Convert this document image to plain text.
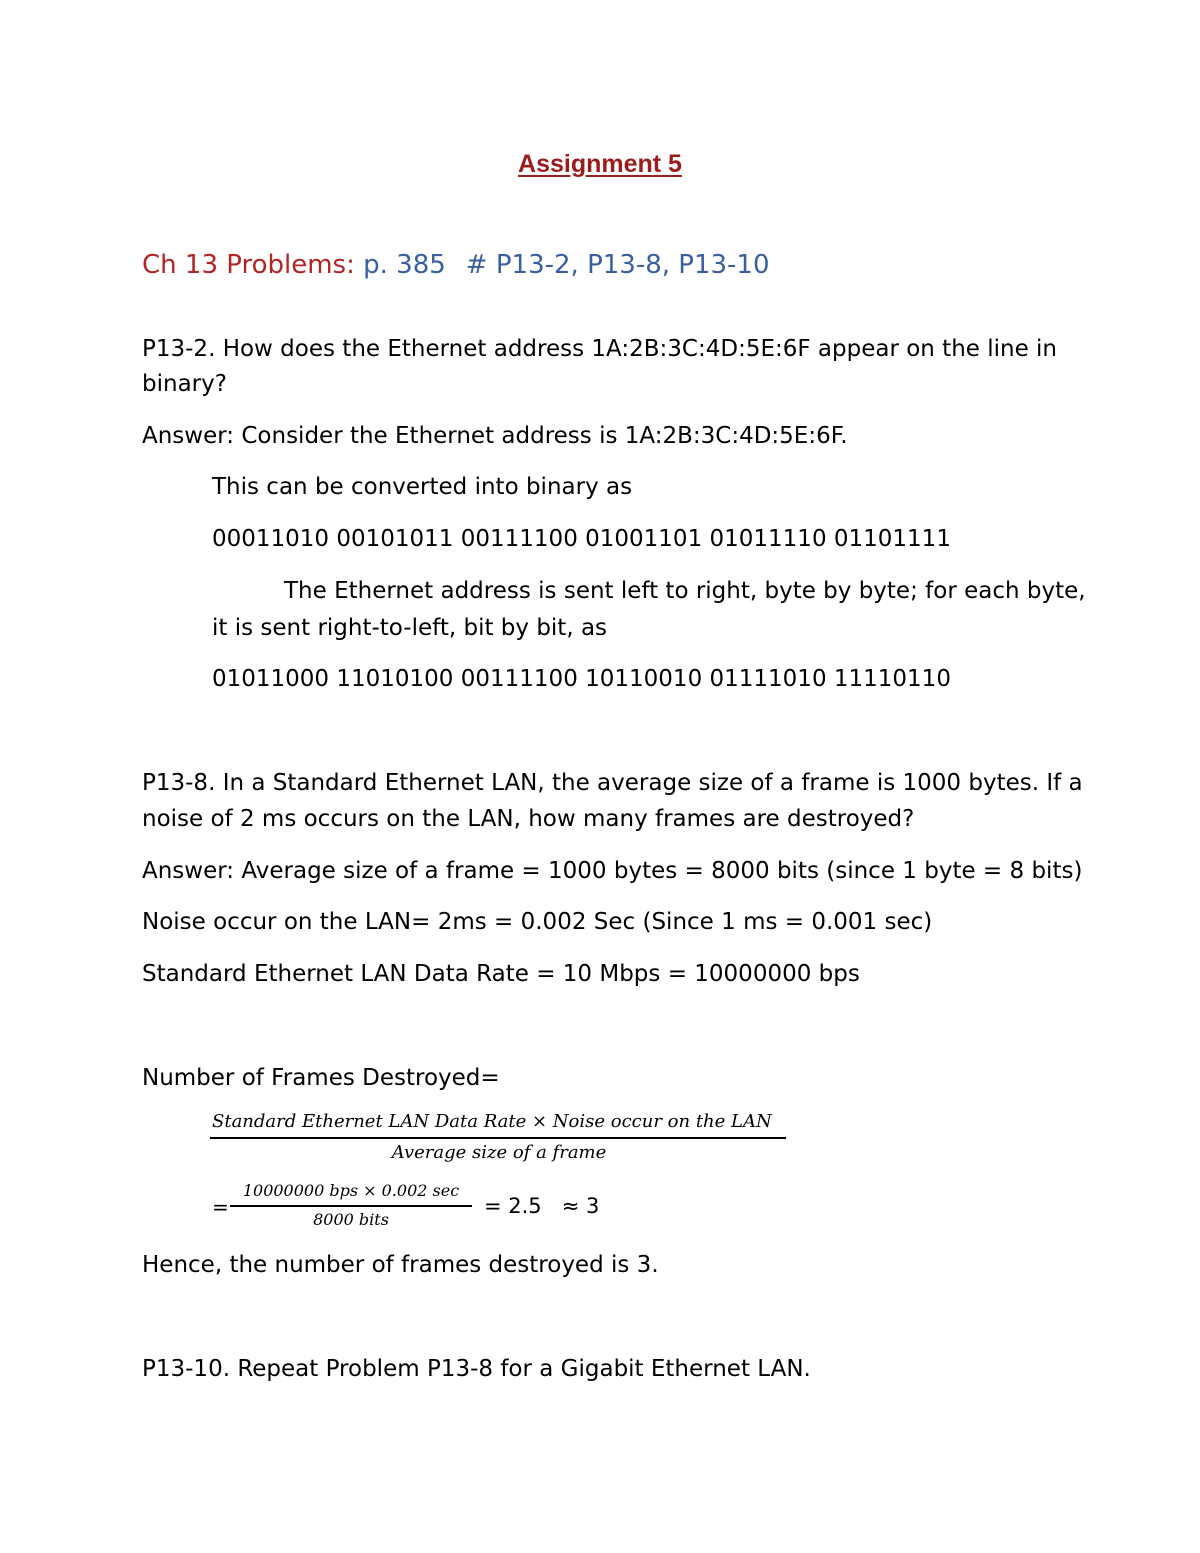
Assignment 5
Ch 13 Problems: p. 385 # P13-2, P13-8, P13-10
P13-2. How does the Ethernet address 1A:2B:3C:4D:5E:6F appear on the line in
binary?
Answer: Consider the Ethernet address is 1A:2B:3C:4D:5E:6F.
This can be converted into binary as
00011010 00101011 00111100 01001101 01011110 01101111
The Ethernet address is sent left to right, byte by byte; for each byte,
it is sent right-to-left, bit by bit, as
01011000 11010100 00111100 10110010 01111010 11110110
P13-8. In a Standard Ethernet LAN, the average size of a frame is 1000 bytes. If a
noise of 2 ms occurs on the LAN, how many frames are destroyed?
Answer: Average size of a frame = 1000 bytes = 8000 bits (since 1 byte = 8 bits)
Noise occur on the LAN= 2ms = 0.002 Sec (Since 1 ms = 0.001 sec)
Standard Ethernet LAN Data Rate = 10 Mbps = 10000000 bps
Number of Frames Destroyed=
Standard Ethernet LAN Data Rate × Noise occur on the LAN
Average size of a frame
=
10000000 bps × 0.002 sec
8000 bits
= 2.5   ≈ 3
Hence, the number of frames destroyed is 3.
P13-10. Repeat Problem P13-8 for a Gigabit Ethernet LAN.
